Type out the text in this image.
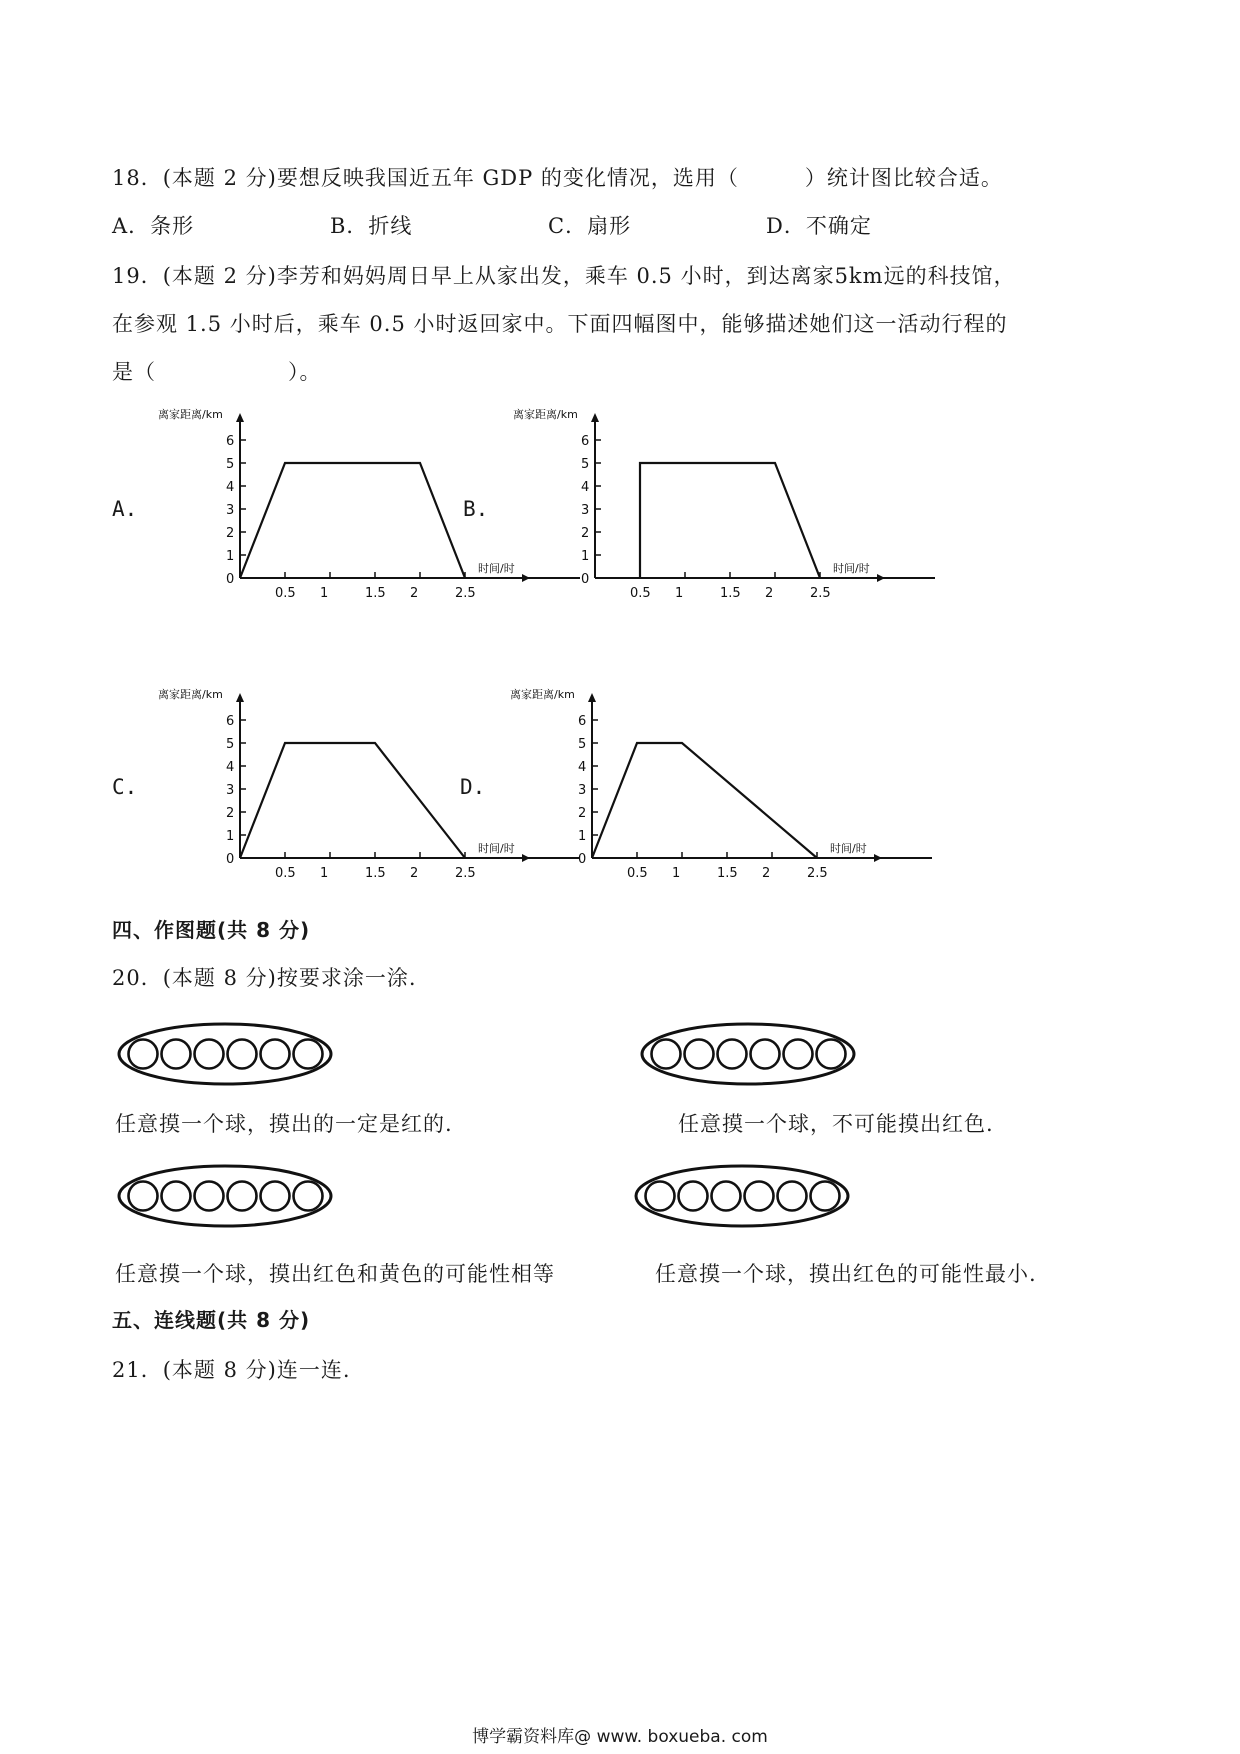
18．(本题 2 分)要想反映我国近五年 GDP 的变化情况，选用（　　　）统计图比较合适。
A．条形	B．折线	C．扇形	D．不确定
19．(本题 2 分)李芳和妈妈周日早上从家出发，乘车 0.5 小时，到达离家5km远的科技馆，
在参观 1.5 小时后，乘车 0.5 小时返回家中。下面四幅图中，能够描述她们这一活动行程的
是（　　　　　　）。
A.	B.
C.	D.
0
1
2
3
4
5
6
0.5 1	1.5 2	2.5
离家距离/km
时间/时
0
1
2
3
4
5
6
0.5 1	1.5 2	2.5
离家距离/km
时间/时
0
1
2
3
4
5
6
0.5 1	1.5 2	2.5
离家距离/km
时间/时
0
1
2
3
4
5
6
0.5 1	1.5 2	2.5
离家距离/km
时间/时
四、作图题(共 8 分)
20．(本题 8 分)按要求涂一涂.
任意摸一个球，摸出的一定是红的.	任意摸一个球，不可能摸出红色.
任意摸一个球，摸出红色和黄色的可能性相等	任意摸一个球，摸出红色的可能性最小.
五、连线题(共 8 分)
21．(本题 8 分)连一连.
博学霸资料库@ www. boxueba. com
